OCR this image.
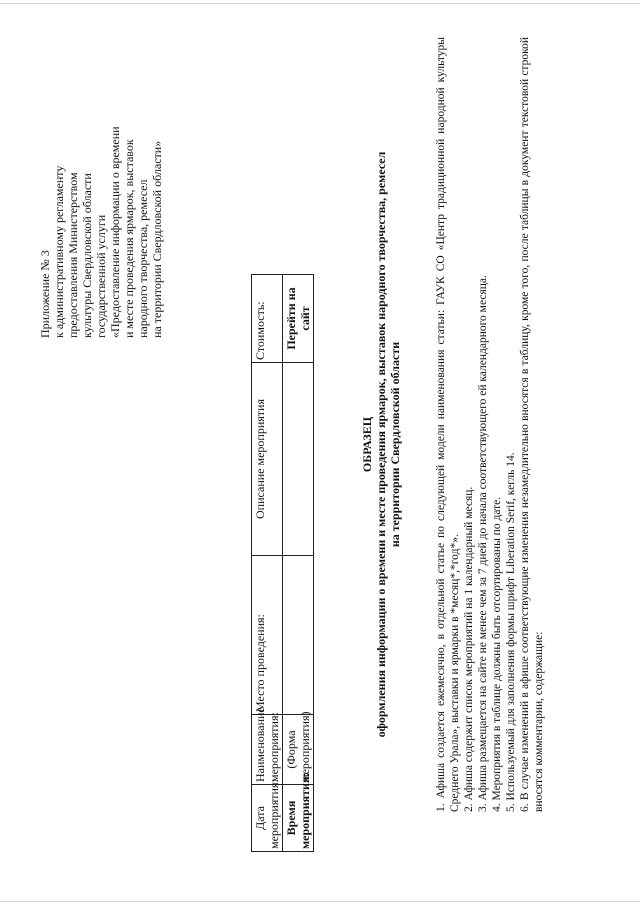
Приложение № 3 к административному регламенту предоставления Министерством культуры Свердловской области государственной услуги «Предоставление информации о времени и месте проведения ярмарок, выставок народного творчества, ремесел на территории Свердловской области»
Дата мероприятия:	Наименование мероприятия:	Место проведения:	Описание мероприятия	Стоимость:
Время мероприятия:	(Форма мероприятия)			Перейти на сайт
ОБРАЗЕЦ оформления информации о времени и месте проведения ярмарок, выставок народного творчества, ремесел на территории Свердловской области	1. Афиша создается ежемесячно, в отдельной статье по следующей модели наименования статьи: ГАУК СО «Центр традиционной народной культуры Среднего Урала», выставки и ярмарки в *месяц*,*год*». 2. Афиша содержит список мероприятий на 1 календарный месяц. 3. Афиша размещается на сайте не менее чем за 7 дней до начала соответствующего ей календарного месяца. 4. Мероприятия в таблице должны быть отсортированы по дате. 5. Используемый для заполнения формы шрифт Liberation Serif, кегль 14. 6. В случае изменений в афише соответствующие изменения незамедлительно вносятся в таблицу, кроме того, после таблицы в документ текстовой строкой вносятся комментарии, содержащие:
